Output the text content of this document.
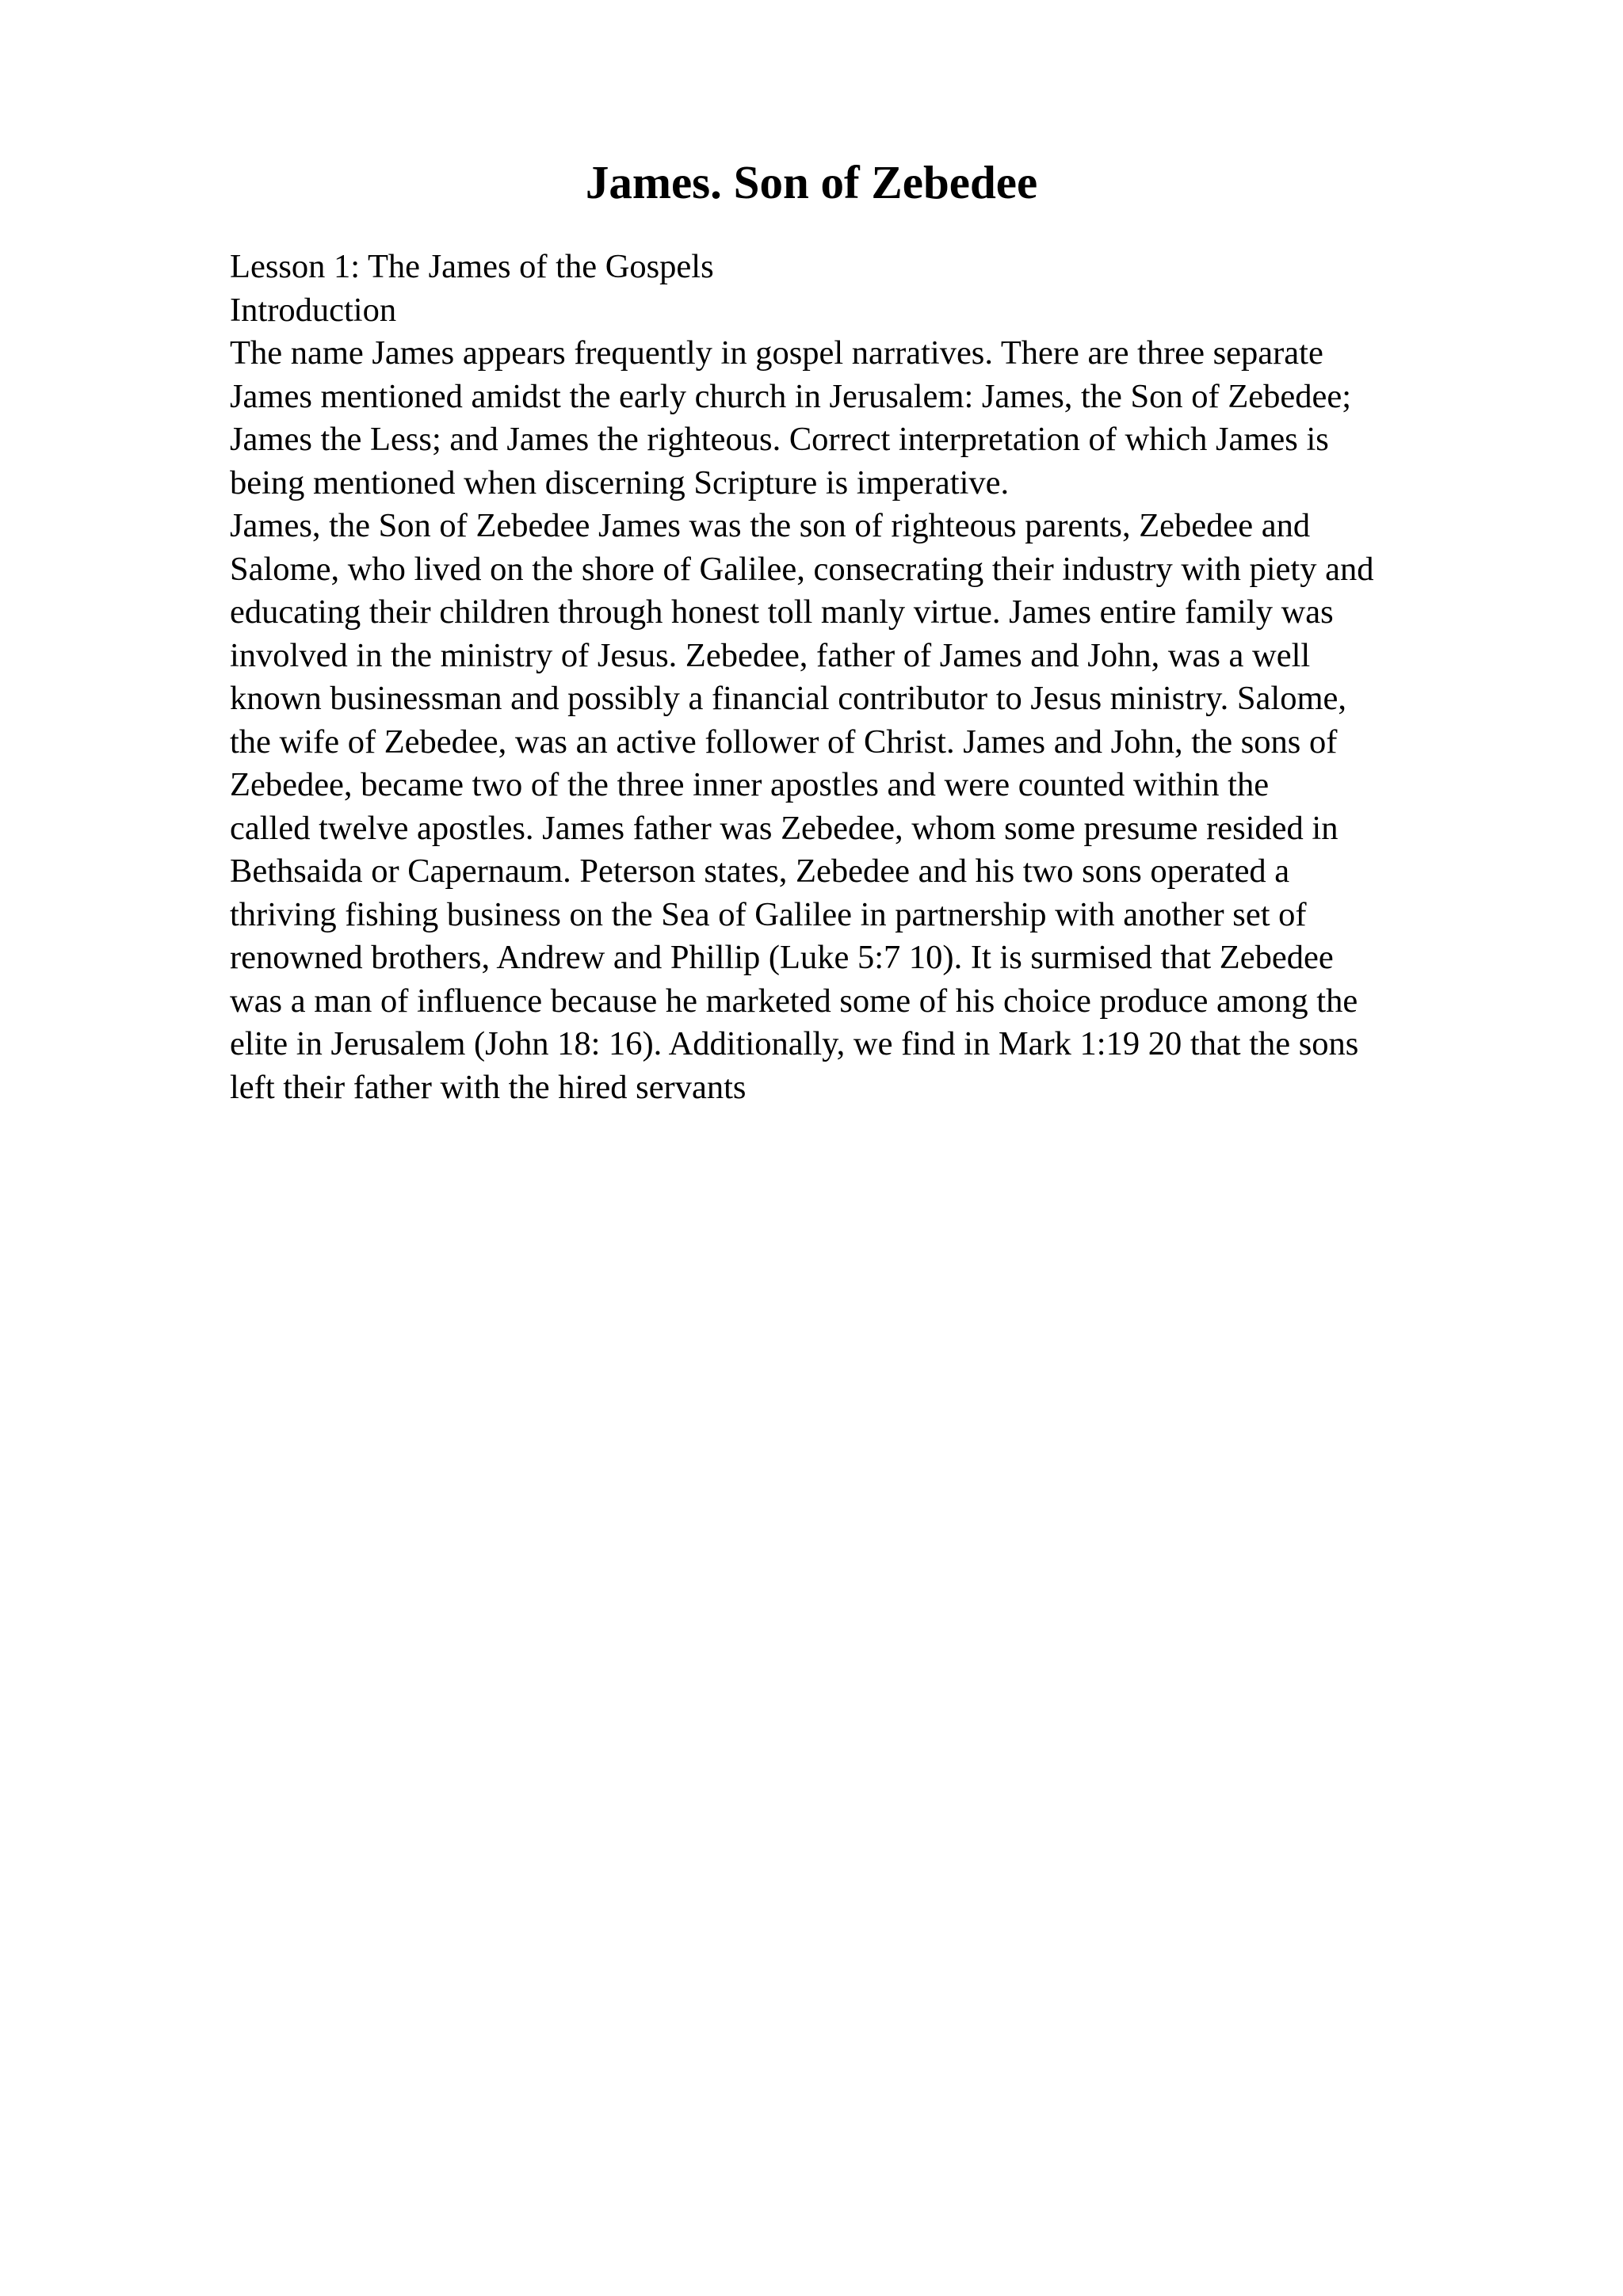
James. Son of Zebedee

Lesson 1: The James of the Gospels

Introduction

The name James appears frequently in gospel narratives. There are three separate

James mentioned amidst the early church in Jerusalem: James, the Son of Zebedee;

James the Less; and James the righteous. Correct interpretation of which James is

being mentioned when discerning Scripture is imperative.

James, the Son of Zebedee James was the son of righteous parents, Zebedee and

Salome, who lived on the shore of Galilee, consecrating their industry with piety and

educating their children through honest toll manly virtue. James entire family was

involved in the ministry of Jesus. Zebedee, father of James and John, was a well

known businessman and possibly a financial contributor to Jesus ministry. Salome,

the wife of Zebedee, was an active follower of Christ. James and John, the sons of

Zebedee, became two of the three inner apostles and were counted within the

called twelve apostles. James father was Zebedee, whom some presume resided in

Bethsaida or Capernaum. Peterson states, Zebedee and his two sons operated a

thriving fishing business on the Sea of Galilee in partnership with another set of

renowned brothers, Andrew and Phillip (Luke 5:7 10). It is surmised that Zebedee

was a man of influence because he marketed some of his choice produce among the

elite in Jerusalem (John 18: 16). Additionally, we find in Mark 1:19 20 that the sons

left their father with the hired servants
